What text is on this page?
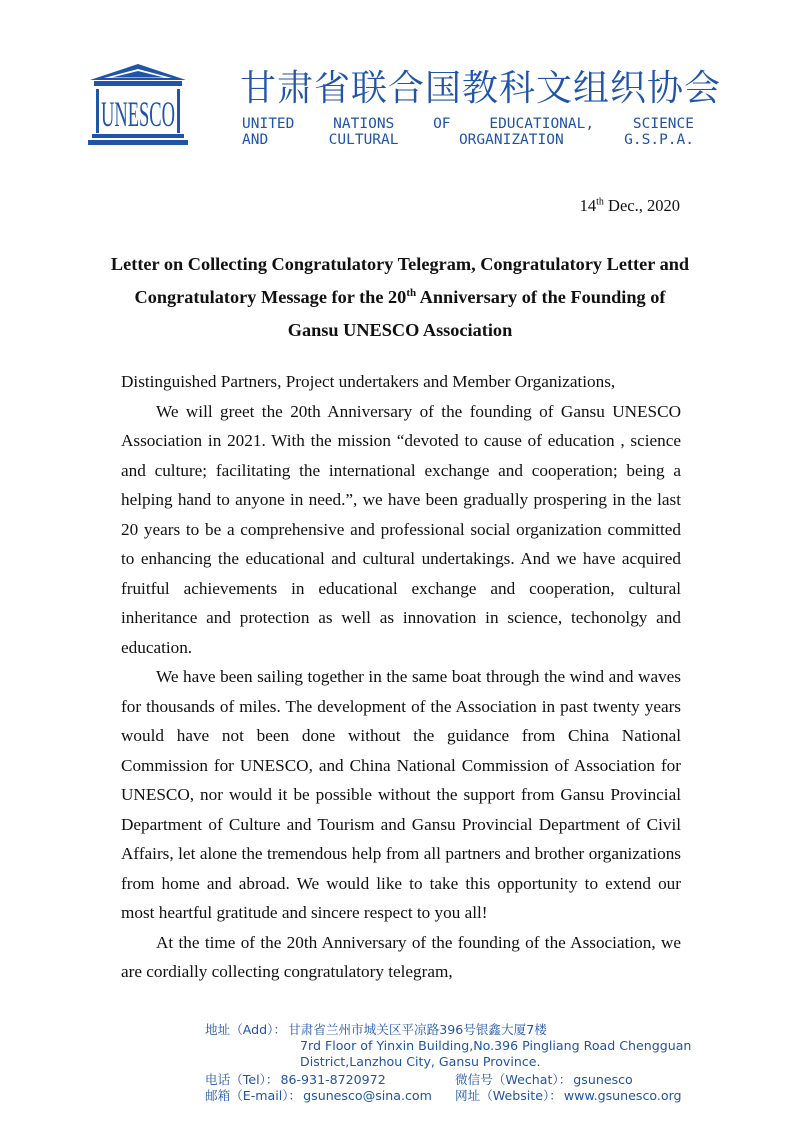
UNESCO
甘肃省联合国教科文组织协会
UNITED NATIONS OF EDUCATIONAL, SCIENCE
AND CULTURAL ORGANIZATION G.S.P.A.
14th Dec., 2020
Letter on Collecting Congratulatory Telegram, Congratulatory Letter and Congratulatory Message for the 20th Anniversary of the Founding of Gansu UNESCO Association

Distinguished Partners, Project undertakers and Member Organizations,

We will greet the 20th Anniversary of the founding of Gansu UNESCO Association in 2021. With the mission “devoted to cause of education , science and culture; facilitating the international exchange and cooperation; being a helping hand to anyone in need.”, we have been gradually prospering in the last 20 years to be a comprehensive and professional social organization committed to enhancing the educational and cultural undertakings. And we have acquired fruitful achievements in educational exchange and cooperation, cultural inheritance and protection as well as innovation in science, techonolgy and education.

We have been sailing together in the same boat through the wind and waves for thousands of miles. The development of the Association in past twenty years would have not been done without the guidance from China National Commission for UNESCO, and China National Commission of Association for UNESCO, nor would it be possible without the support from Gansu Provincial Department of Culture and Tourism and Gansu Provincial Department of Civil Affairs, let alone the tremendous help from all partners and brother organizations from home and abroad. We would like to take this opportunity to extend our most heartful gratitude and sincere respect to you all!

At the time of the 20th Anniversary of the founding of the Association, we are cordially collecting congratulatory telegram,

地址（Add）： 甘肃省兰州市城关区平凉路396号银鑫大厦7楼
7rd Floor of Yinxin Building,No.396 Pingliang Road Chengguan
District,Lanzhou City, Gansu Province.
电话（Tel）： 86-931-8720972	微信号（Wechat）： gsunesco
邮箱（E-mail）： gsunesco@sina.com 网址（Website）： www.gsunesco.org
